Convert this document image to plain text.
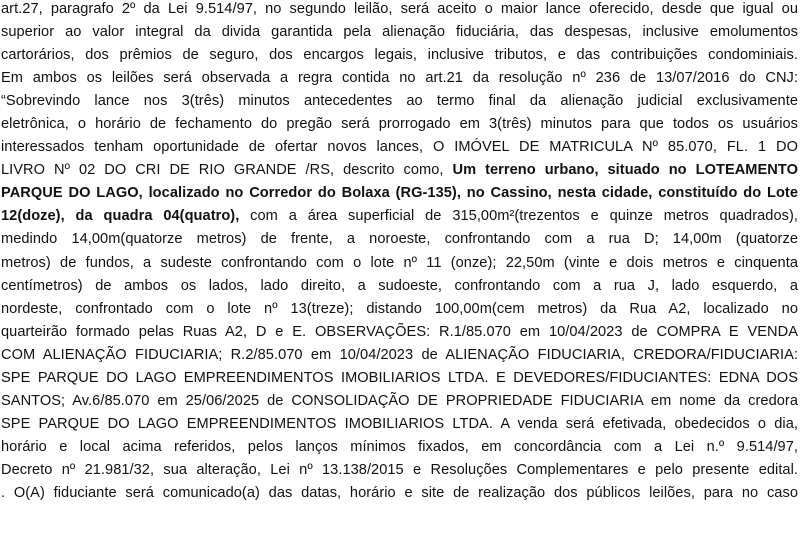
art.27, paragrafo 2º da Lei 9.514/97, no segundo leilão, será aceito o maior lance oferecido, desde que igual ou
superior ao valor integral da divida garantida pela alienação fiduciária, das despesas, inclusive emolumentos
cartorários, dos prêmios de seguro, dos encargos legais, inclusive tributos, e das contribuições condominiais.
Em ambos os leilões será observada a regra contida no art.21 da resolução nº 236 de 13/07/2016 do CNJ:
“Sobrevindo lance nos 3(três) minutos antecedentes ao termo final da alienação judicial exclusivamente
eletrônica, o horário de fechamento do pregão será prorrogado em 3(três) minutos para que todos os usuários
interessados tenham oportunidade de ofertar novos lances, O IMÓVEL DE MATRICULA Nº 85.070, FL. 1 DO
LIVRO Nº 02 DO CRI DE RIO GRANDE /RS, descrito como, Um terreno urbano, situado no LOTEAMENTO
PARQUE DO LAGO, localizado no Corredor do Bolaxa (RG-135), no Cassino, nesta cidade, constituído do Lote
12(doze), da quadra 04(quatro), com a área superficial de 315,00m²(trezentos e quinze metros quadrados),
medindo 14,00m(quatorze metros) de frente, a noroeste, confrontando com a rua D; 14,00m (quatorze
metros) de fundos, a sudeste confrontando com o lote nº 11 (onze); 22,50m (vinte e dois metros e cinquenta
centímetros) de ambos os lados, lado direito, a sudoeste, confrontando com a rua J, lado esquerdo, a
nordeste, confrontado com o lote nº 13(treze); distando 100,00m(cem metros) da Rua A2, localizado no
quarteirão formado pelas Ruas A2, D e E. OBSERVAÇÕES: R.1/85.070 em 10/04/2023 de COMPRA E VENDA
COM ALIENAÇÃO FIDUCIARIA; R.2/85.070 em 10/04/2023 de ALIENAÇÃO FIDUCIARIA, CREDORA/FIDUCIARIA:
SPE PARQUE DO LAGO EMPREENDIMENTOS IMOBILIARIOS LTDA. E DEVEDORES/FIDUCIANTES: EDNA DOS
SANTOS; Av.6/85.070 em 25/06/2025 de CONSOLIDAÇÃO DE PROPRIEDADE FIDUCIARIA em nome da credora
SPE PARQUE DO LAGO EMPREENDIMENTOS IMOBILIARIOS LTDA. A venda será efetivada, obedecidos o dia,
horário e local acima referidos, pelos lanços mínimos fixados, em concordância com a Lei n.º 9.514/97,
Decreto nº 21.981/32, sua alteração, Lei nº 13.138/2015 e Resoluções Complementares e pelo presente edital.
. O(A) fiduciante será comunicado(a) das datas, horário e site de realização dos públicos leilões, para no caso
